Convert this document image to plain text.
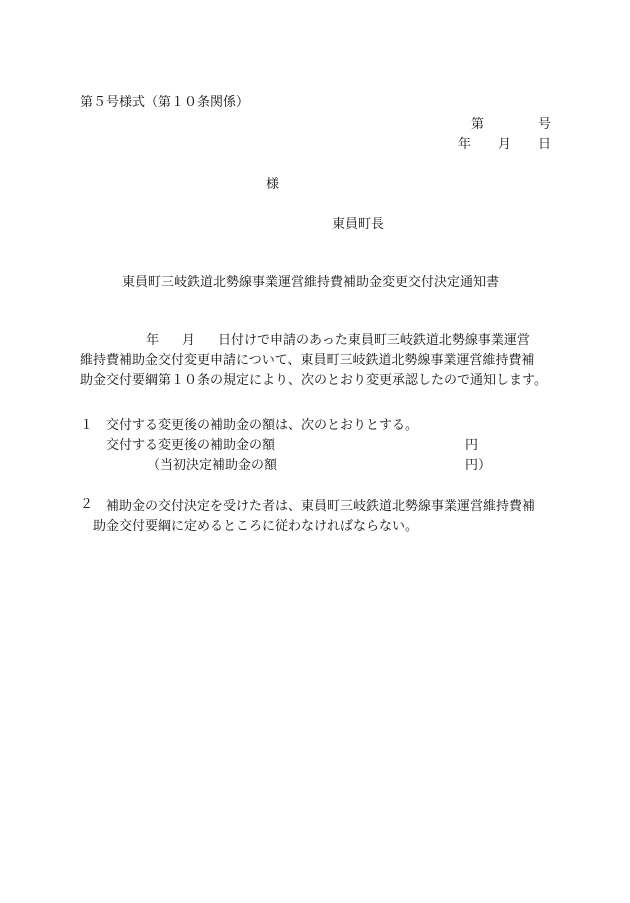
第５号様式（第１０条関係）
第	号
年 月 日
様
東員町長
東員町三岐鉄道北勢線事業運営維持費補助金変更交付決定通知書
年 月 日付けで申請のあった東員町三岐鉄道北勢線事業運営
維持費補助金交付変更申請について、東員町三岐鉄道北勢線事業運営維持費補
助金交付要綱第１０条の規定により、次のとおり変更承認したので通知します。
１ 交付する変更後の補助金の額は、次のとおりとする。
交付する変更後の補助金の額	円
（当初決定補助金の額	円）
２ 補助金の交付決定を受けた者は、東員町三岐鉄道北勢線事業運営維持費補
助金交付要綱に定めるところに従わなければならない。
